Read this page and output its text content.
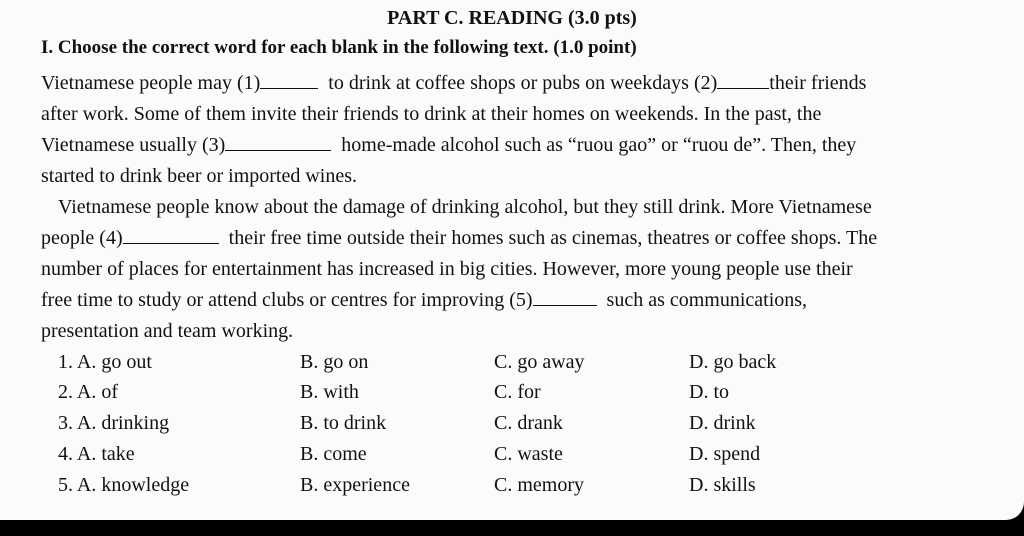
PART C. READING (3.0 pts)
I. Choose the correct word for each blank in the following text. (1.0 point)
Vietnamese people may (1)	to drink at coffee shops or pubs on weekdays (2)	their friends
after work. Some of them invite their friends to drink at their homes on weekends. In the past, the
Vietnamese usually (3)	home-made alcohol such as “ruou gao” or “ruou de”. Then, they
started to drink beer or imported wines.
Vietnamese people know about the damage of drinking alcohol, but they still drink. More Vietnamese
people (4)	their free time outside their homes such as cinemas, theatres or coffee shops. The
number of places for entertainment has increased in big cities. However, more young people use their
free time to study or attend clubs or centres for improving (5)	such as communications,
presentation and team working.
1. A. go out	B. go on	C. go away	D. go back
2. A. of	B. with	C. for	D. to
3. A. drinking	B. to drink	C. drank	D. drink
4. A. take	B. come	C. waste	D. spend
5. A. knowledge	B. experience	C. memory	D. skills
